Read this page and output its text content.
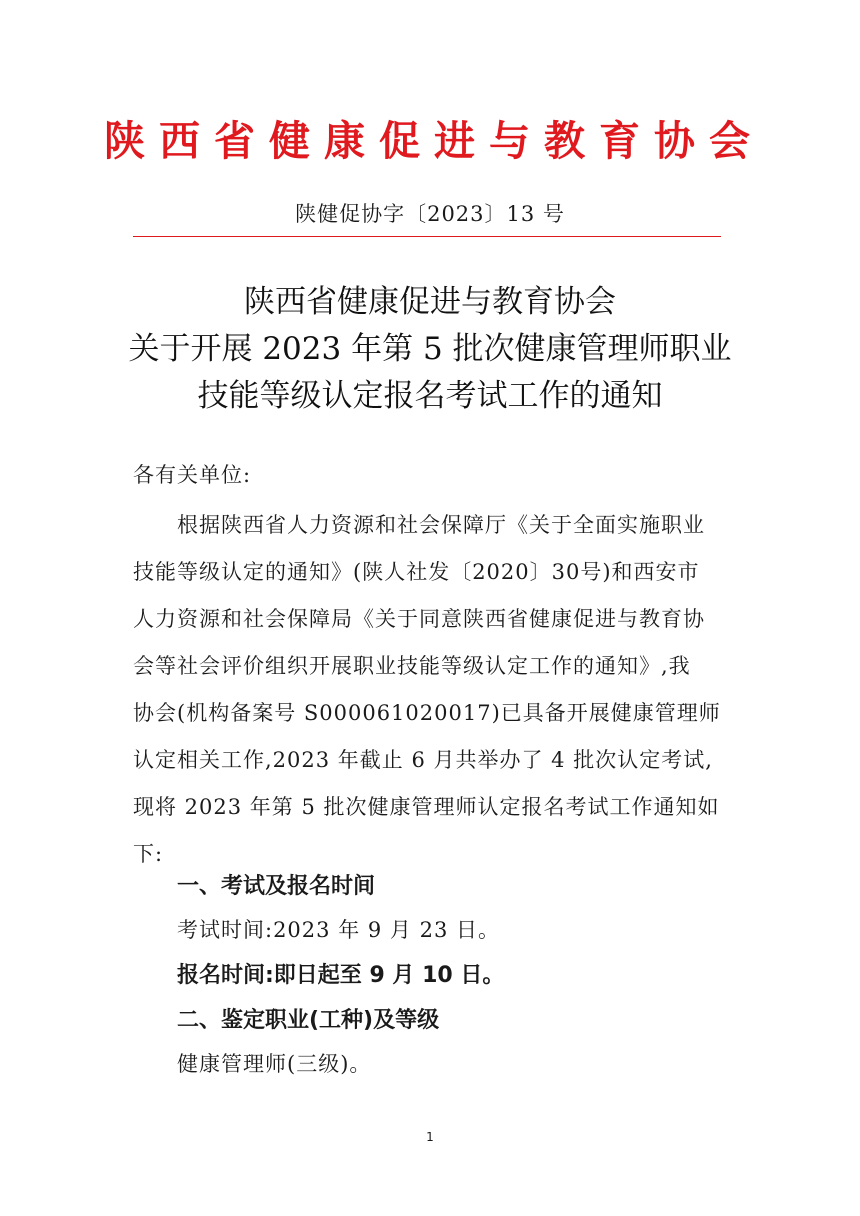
陕西省健康促进与教育协会
陕健促协字〔2023〕13 号
陕西省健康促进与教育协会
关于开展 2023 年第 5 批次健康管理师职业
技能等级认定报名考试工作的通知
各有关单位:
根据陕西省人力资源和社会保障厅《关于全面实施职业
技能等级认定的通知》(陕人社发〔2020〕30号)和西安市
人力资源和社会保障局《关于同意陕西省健康促进与教育协
会等社会评价组织开展职业技能等级认定工作的通知》,我
协会(机构备案号 S000061020017)已具备开展健康管理师
认定相关工作,2023 年截止 6 月共举办了 4 批次认定考试,
现将 2023 年第 5 批次健康管理师认定报名考试工作通知如
下:
一、考试及报名时间
考试时间:2023 年 9 月 23 日。
报名时间:即日起至 9 月 10 日。
二、鉴定职业(工种)及等级
健康管理师(三级)。
1
